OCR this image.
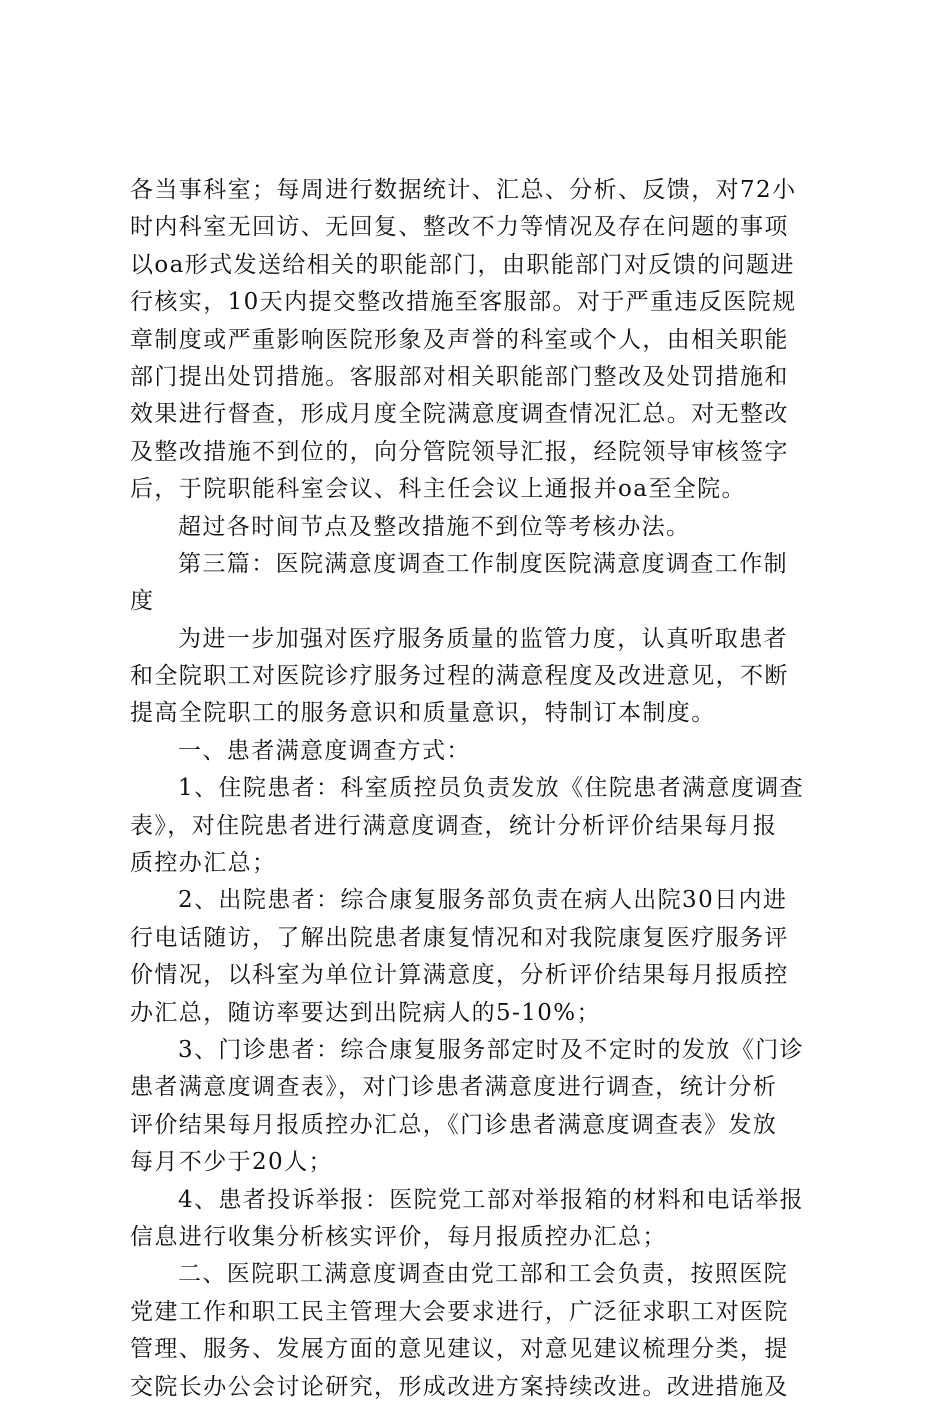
各当事科室；每周进行数据统计、汇总、分析、反馈，对72小
时内科室无回访、无回复、整改不力等情况及存在问题的事项
以oa形式发送给相关的职能部门，由职能部门对反馈的问题进
行核实，10天内提交整改措施至客服部。对于严重违反医院规
章制度或严重影响医院形象及声誉的科室或个人，由相关职能
部门提出处罚措施。客服部对相关职能部门整改及处罚措施和
效果进行督查，形成月度全院满意度调查情况汇总。对无整改
及整改措施不到位的，向分管院领导汇报，经院领导审核签字
后，于院职能科室会议、科主任会议上通报并oa至全院。
超过各时间节点及整改措施不到位等考核办法。
第三篇：医院满意度调查工作制度医院满意度调查工作制
度
为进一步加强对医疗服务质量的监管力度，认真听取患者
和全院职工对医院诊疗服务过程的满意程度及改进意见，不断
提高全院职工的服务意识和质量意识，特制订本制度。
一、患者满意度调查方式：
1、住院患者：科室质控员负责发放《住院患者满意度调查
表》，对住院患者进行满意度调查，统计分析评价结果每月报
质控办汇总；
2、出院患者：综合康复服务部负责在病人出院30日内进
行电话随访，了解出院患者康复情况和对我院康复医疗服务评
价情况，以科室为单位计算满意度，分析评价结果每月报质控
办汇总，随访率要达到出院病人的5-10%；
3、门诊患者：综合康复服务部定时及不定时的发放《门诊
患者满意度调查表》，对门诊患者满意度进行调查，统计分析
评价结果每月报质控办汇总，《门诊患者满意度调查表》发放
每月不少于20人；
4、患者投诉举报：医院党工部对举报箱的材料和电话举报
信息进行收集分析核实评价，每月报质控办汇总；
二、医院职工满意度调查由党工部和工会负责，按照医院
党建工作和职工民主管理大会要求进行，广泛征求职工对医院
管理、服务、发展方面的意见建议，对意见建议梳理分类，提
交院长办公会讨论研究，形成改进方案持续改进。改进措施及
